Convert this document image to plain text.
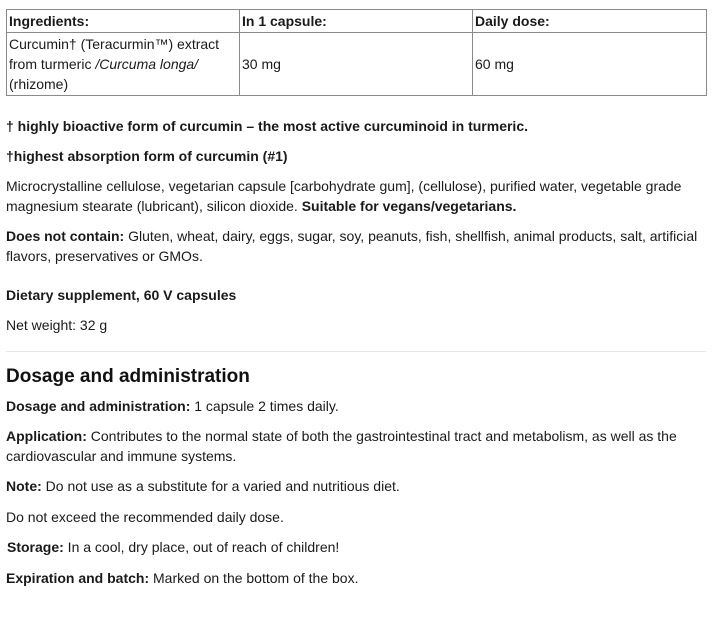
Ingredients:	In 1 capsule:	Daily dose:
Curcumin† (Teracurmin™) extract
from turmeric /Curcuma longa/
(rhizome)	30 mg	60 mg

† highly bioactive form of curcumin – the most active curcuminoid in turmeric.

†highest absorption form of curcumin (#1)

Microcrystalline cellulose, vegetarian capsule [carbohydrate gum], (cellulose), purified water, vegetable grade magnesium stearate (lubricant), silicon dioxide. Suitable for vegans/vegetarians.

Does not contain: Gluten, wheat, dairy, eggs, sugar, soy, peanuts, fish, shellfish, animal products, salt, artificial flavors, preservatives or GMOs.

Dietary supplement, 60 V capsules

Net weight: 32 g

Dosage and administration

Dosage and administration: 1 capsule 2 times daily.

Application: Contributes to the normal state of both the gastrointestinal tract and metabolism, as well as the cardiovascular and immune systems.

Note: Do not use as a substitute for a varied and nutritious diet.

Do not exceed the recommended daily dose.

Storage: In a cool, dry place, out of reach of children!

Expiration and batch: Marked on the bottom of the box.
